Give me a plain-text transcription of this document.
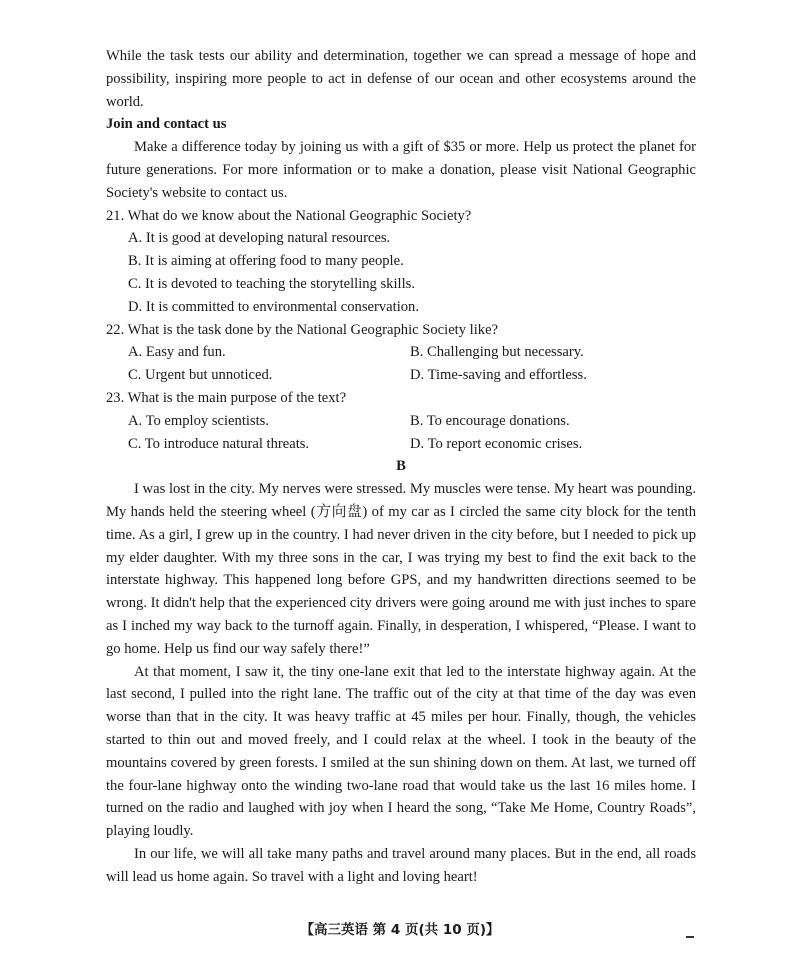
While the task tests our ability and determination, together we can spread a message of hope and possibility, inspiring more people to act in defense of our ocean and other ecosystems around the world.

Join and contact us

Make a difference today by joining us with a gift of $35 or more. Help us protect the planet for future generations. For more information or to make a donation, please visit National Geographic Society's website to contact us.

21. What do we know about the National Geographic Society?
A. It is good at developing natural resources.
B. It is aiming at offering food to many people.
C. It is devoted to teaching the storytelling skills.
D. It is committed to environmental conservation.
22. What is the task done by the National Geographic Society like?
A. Easy and fun.	B. Challenging but necessary.
C. Urgent but unnoticed.	D. Time-saving and effortless.
23. What is the main purpose of the text?
A. To employ scientists.	B. To encourage donations.
C. To introduce natural threats.	D. To report economic crises.
B

I was lost in the city. My nerves were stressed. My muscles were tense. My heart was pounding. My hands held the steering wheel (方向盘) of my car as I circled the same city block for the tenth time. As a girl, I grew up in the country. I had never driven in the city before, but I needed to pick up my elder daughter. With my three sons in the car, I was trying my best to find the exit back to the interstate highway. This happened long before GPS, and my handwritten directions seemed to be wrong. It didn't help that the experienced city drivers were going around me with just inches to spare as I inched my way back to the turnoff again. Finally, in desperation, I whispered, “Please. I want to go home. Help us find our way safely there!”

At that moment, I saw it, the tiny one-lane exit that led to the interstate highway again. At the last second, I pulled into the right lane. The traffic out of the city at that time of the day was even worse than that in the city. It was heavy traffic at 45 miles per hour. Finally, though, the vehicles started to thin out and moved freely, and I could relax at the wheel. I took in the beauty of the mountains covered by green forests. I smiled at the sun shining down on them. At last, we turned off the four-lane highway onto the winding two-lane road that would take us the last 16 miles home. I turned on the radio and laughed with joy when I heard the song, “Take Me Home, Country Roads”, playing loudly.

In our life, we will all take many paths and travel around many places. But in the end, all roads will lead us home again. So travel with a light and loving heart!

【高三英语 第 4 页(共 10 页)】
